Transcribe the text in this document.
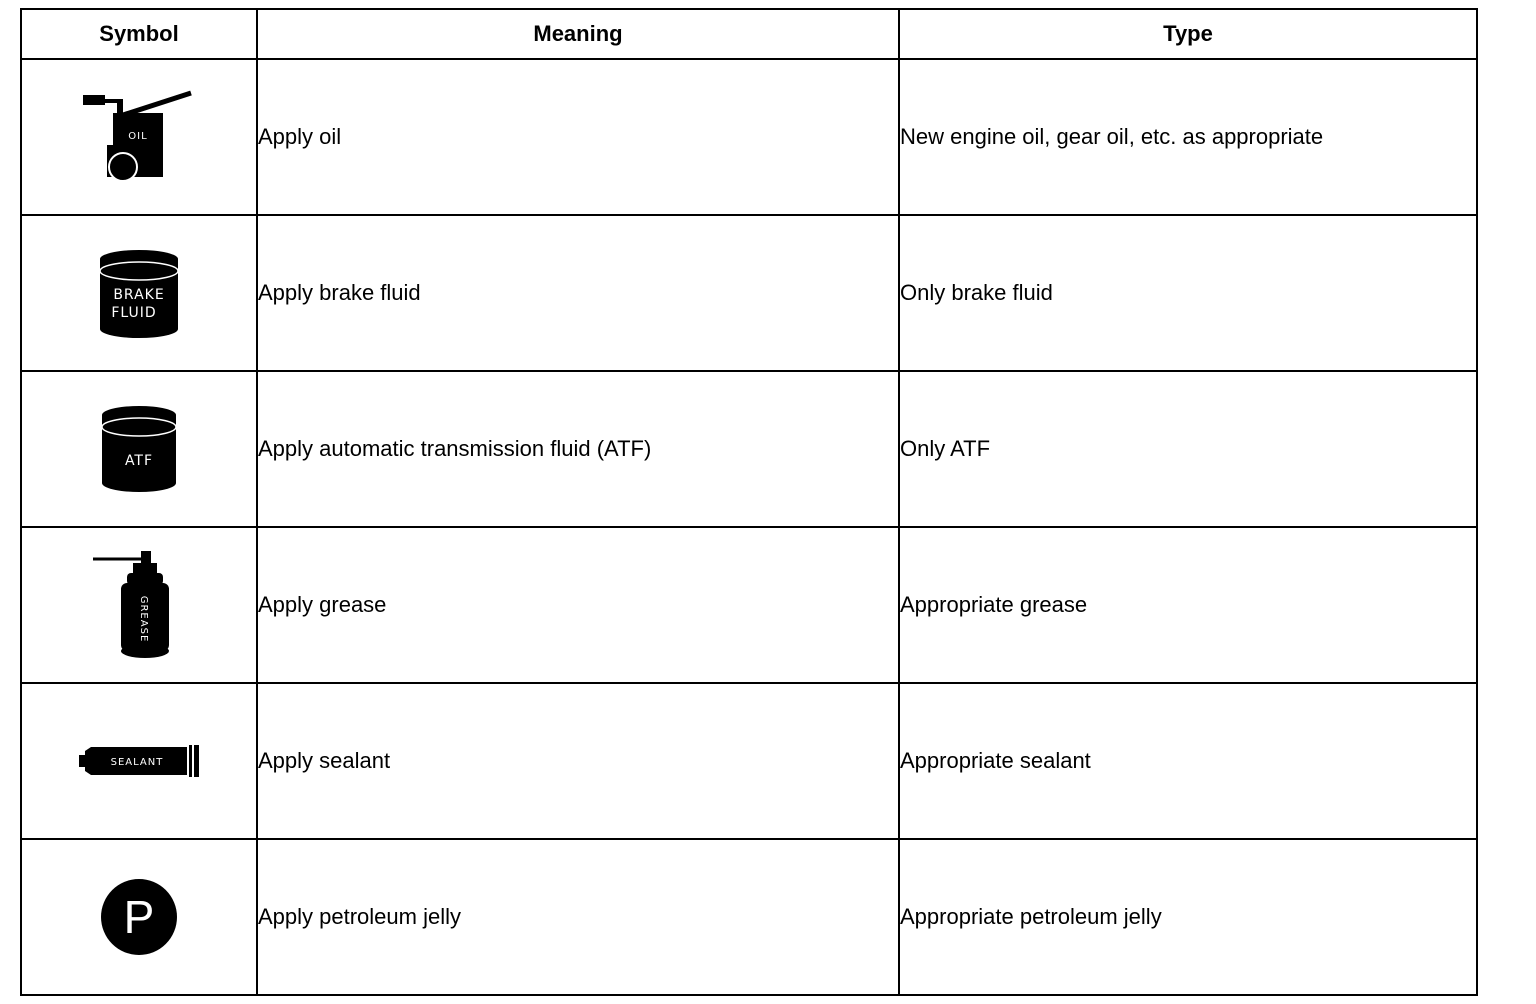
Symbol	Meaning	Type

OIL	Apply oil	New engine oil, gear oil, etc. as appropriate

BRAKE
FLUID	Apply brake fluid	Only brake fluid

ATF	Apply automatic transmission fluid (ATF)	Only ATF

GREASE	Apply grease	Appropriate grease

SEALANT	Apply sealant	Appropriate sealant

P	Apply petroleum jelly	Appropriate petroleum jelly
